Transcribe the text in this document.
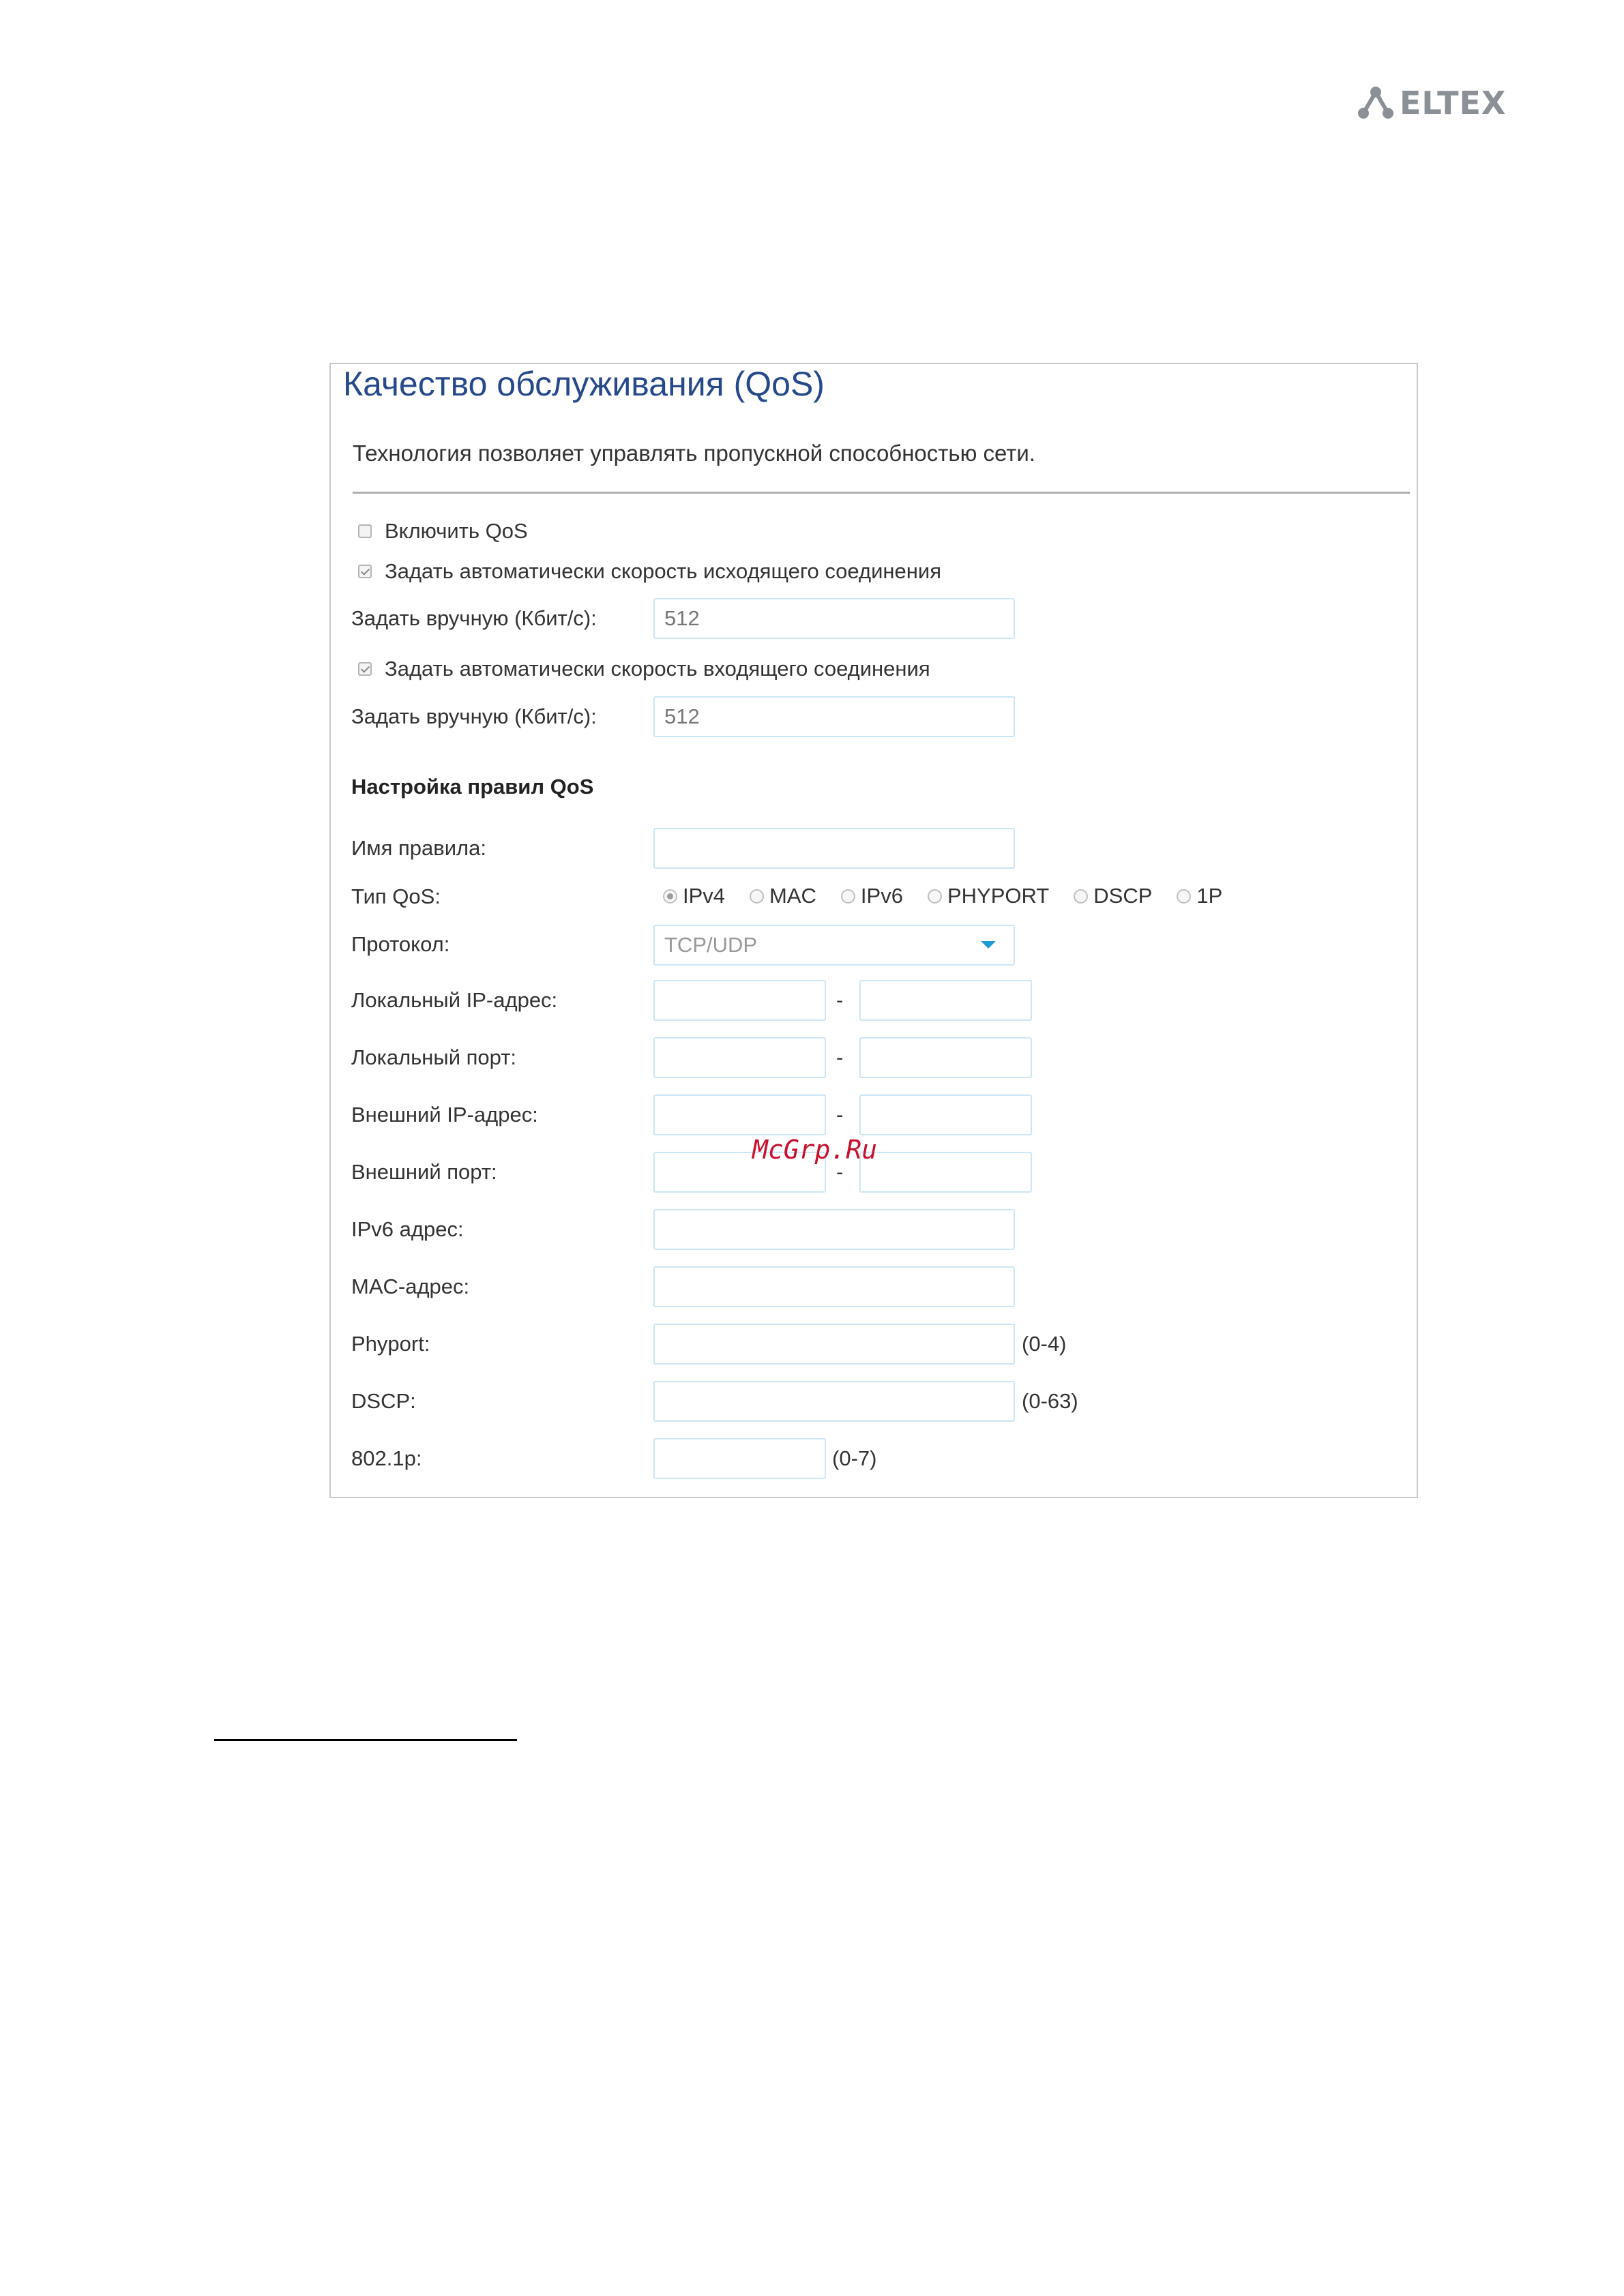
ELTEX
Качество обслуживания (QoS)
Технология позволяет управлять пропускной способностью сети.
Включить QoS
Задать автоматически скорость исходящего соединения
Задать вручную (Кбит/с):	512
Задать автоматически скорость входящего соединения
Задать вручную (Кбит/с):	512
Настройка правил QoS
Имя правила:
Тип QoS:	IPv4 MAC IPv6 PHYPORT DSCP 1P
Протокол:	TCP/UDP
Локальный IP-адрес:	-
Локальный порт:	-
Внешний IP-адрес:	-
Внешний порт:	-
IPv6 адрес:
MAC-адрес:
Phyport:	(0-4)
DSCP:	(0-63)
802.1p:	(0-7)
McGrp.Ru
